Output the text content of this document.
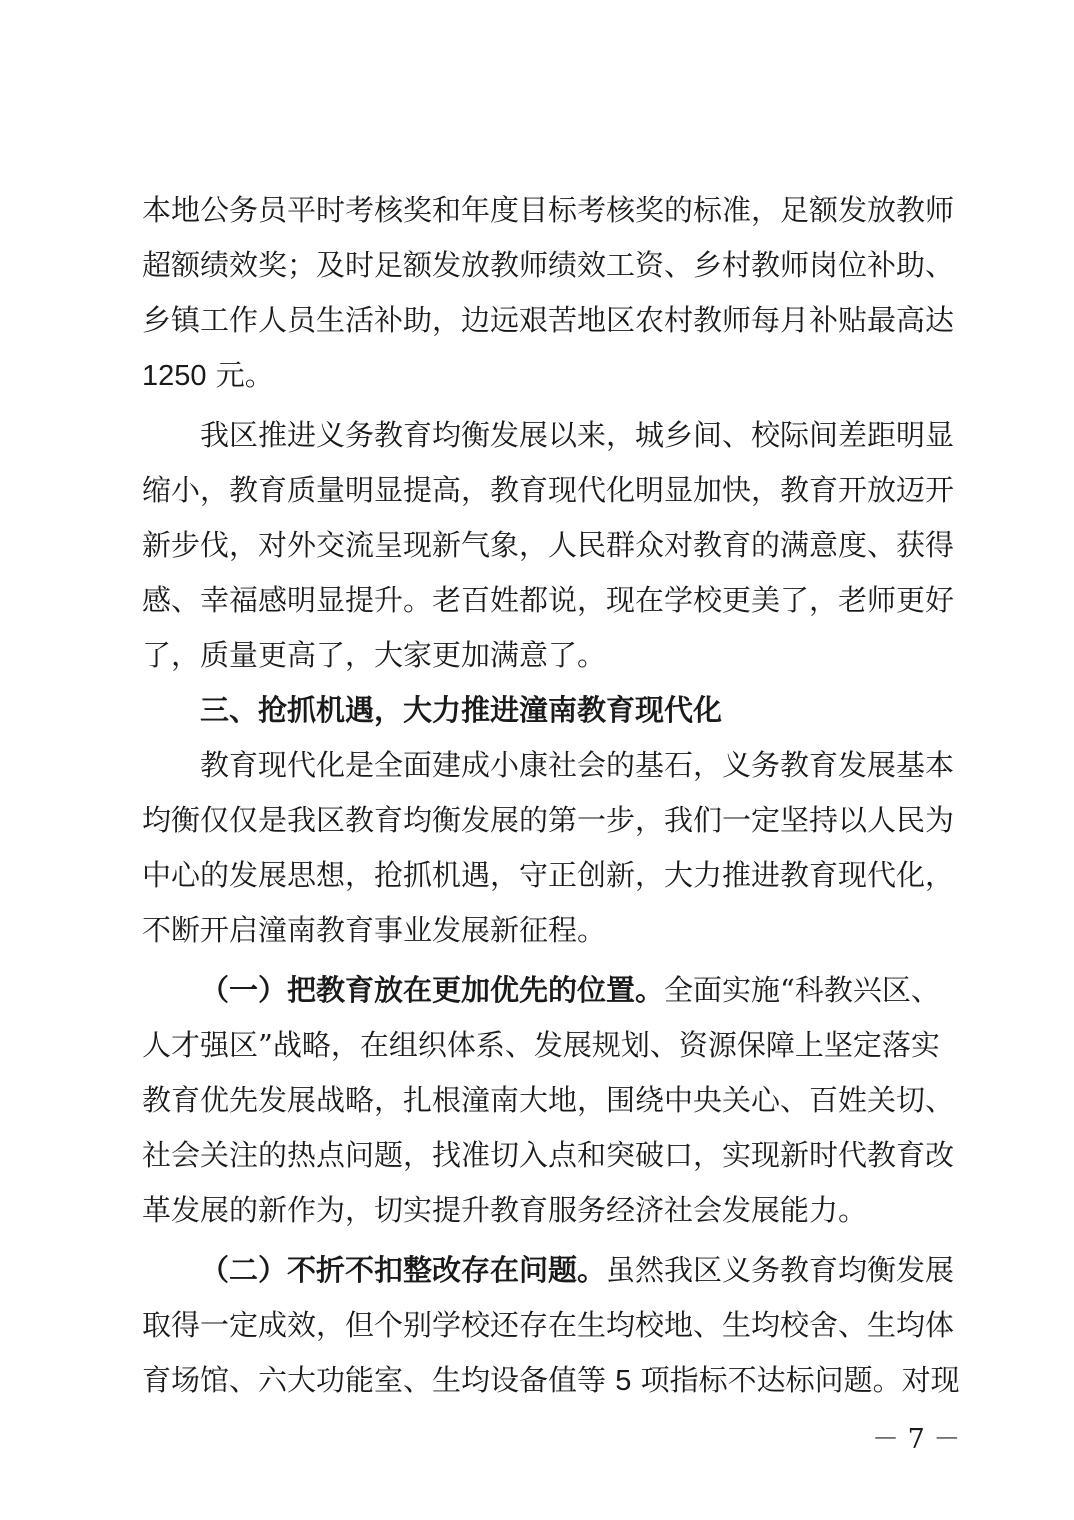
本地公务员平时考核奖和年度目标考核奖的标准，足额发放教师
超额绩效奖；及时足额发放教师绩效工资、乡村教师岗位补助、
乡镇工作人员生活补助，边远艰苦地区农村教师每月补贴最高达
1250 元。
我区推进义务教育均衡发展以来，城乡间、校际间差距明显
缩小，教育质量明显提高，教育现代化明显加快，教育开放迈开
新步伐，对外交流呈现新气象，人民群众对教育的满意度、获得
感、幸福感明显提升。老百姓都说，现在学校更美了，老师更好
了，质量更高了，大家更加满意了。
三、抢抓机遇，大力推进潼南教育现代化
教育现代化是全面建成小康社会的基石，义务教育发展基本
均衡仅仅是我区教育均衡发展的第一步，我们一定坚持以人民为
中心的发展思想，抢抓机遇，守正创新，大力推进教育现代化，
不断开启潼南教育事业发展新征程。
（一）把教育放在更加优先的位置。全面实施“科教兴区、
人才强区”战略，在组织体系、发展规划、资源保障上坚定落实
教育优先发展战略，扎根潼南大地，围绕中央关心、百姓关切、
社会关注的热点问题，找准切入点和突破口，实现新时代教育改
革发展的新作为，切实提升教育服务经济社会发展能力。
（二）不折不扣整改存在问题。虽然我区义务教育均衡发展
取得一定成效，但个别学校还存在生均校地、生均校舍、生均体
育场馆、六大功能室、生均设备值等 5 项指标不达标问题。对现
－ 7 －
